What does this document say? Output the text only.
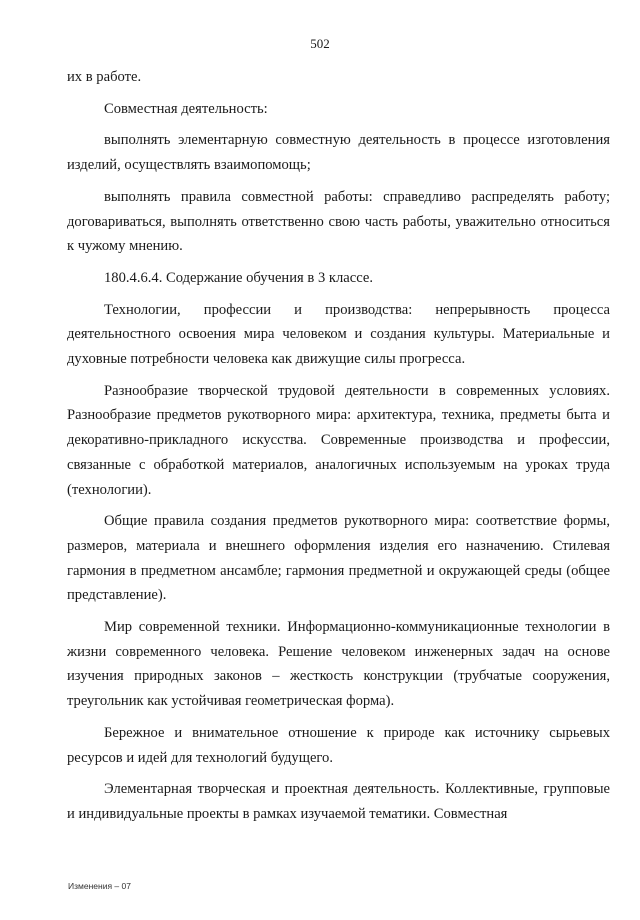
502

их в работе.

Совместная деятельность:

выполнять элементарную совместную деятельность в процессе изготовления изделий, осуществлять взаимопомощь;

выполнять правила совместной работы: справедливо распределять работу; договариваться, выполнять ответственно свою часть работы, уважительно относиться к чужому мнению.

180.4.6.4. Содержание обучения в 3 классе.

Технологии, профессии и производства: непрерывность процесса деятельностного освоения мира человеком и создания культуры. Материальные и духовные потребности человека как движущие силы прогресса.

Разнообразие творческой трудовой деятельности в современных условиях. Разнообразие предметов рукотворного мира: архитектура, техника, предметы быта и декоративно-прикладного искусства. Современные производства и профессии, связанные с обработкой материалов, аналогичных используемым на уроках труда (технологии).

Общие правила создания предметов рукотворного мира: соответствие формы, размеров, материала и внешнего оформления изделия его назначению. Стилевая гармония в предметном ансамбле; гармония предметной и окружающей среды (общее представление).

Мир современной техники. Информационно-коммуникационные технологии в жизни современного человека. Решение человеком инженерных задач на основе изучения природных законов – жесткость конструкции (трубчатые сооружения, треугольник как устойчивая геометрическая форма).

Бережное и внимательное отношение к природе как источнику сырьевых ресурсов и идей для технологий будущего.

Элементарная творческая и проектная деятельность. Коллективные, групповые и индивидуальные проекты в рамках изучаемой тематики. Совместная

Изменения – 07
